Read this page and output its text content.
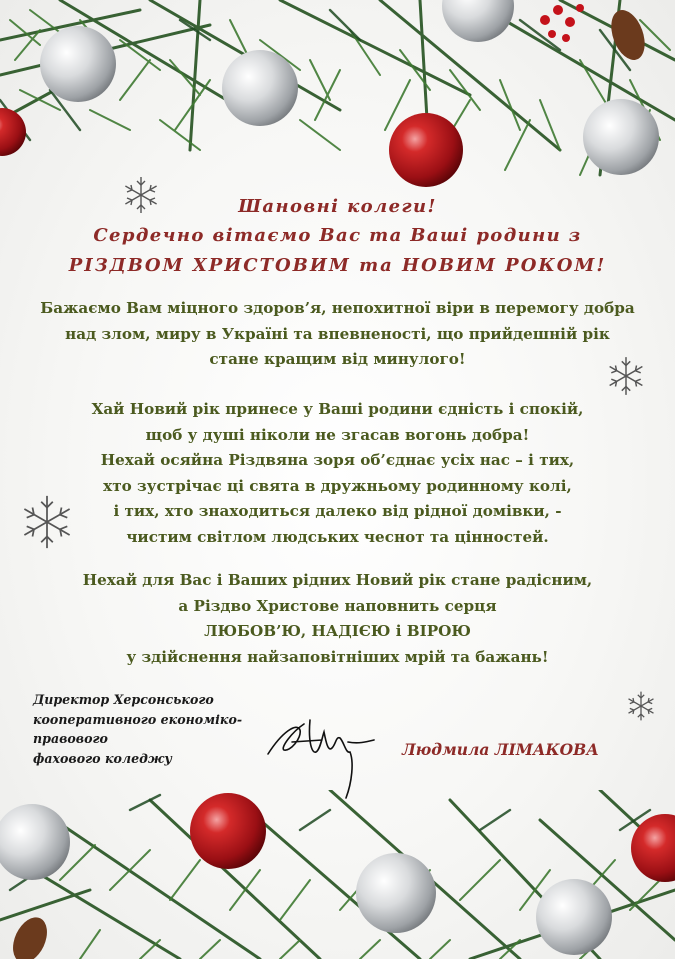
Шановні колеги!
Сердечно вітаємо Вас та Ваші родини з
РІЗДВОМ ХРИСТОВИМ та НОВИМ РОКОМ!
Бажаємо Вам міцного здоров’я, непохитної віри в перемогу добра
над злом, миру в Україні та впевненості, що прийдешній рік
стане кращим від минулого!
Хай Новий рік принесе у Ваші родини єдність і спокій,
щоб у душі ніколи не згасав вогонь добра!
Нехай осяйна Різдвяна зоря об’єднає усіх нас – і тих,
хто зустрічає ці свята в дружньому родинному колі,
і тих, хто знаходиться далеко від рідної домівки, -
чистим світлом людських чеснот та цінностей.
Нехай для Вас і Ваших рідних Новий рік стане радісним,
а Різдво Христове наповнить серця
ЛЮБОВ’Ю, НАДІЄЮ і ВІРОЮ
у здійснення найзаповітніших мрій та бажань!
Директор Херсонського
кооперативного економіко-
правового
фахового коледжу	Людмила ЛІМАКОВА
